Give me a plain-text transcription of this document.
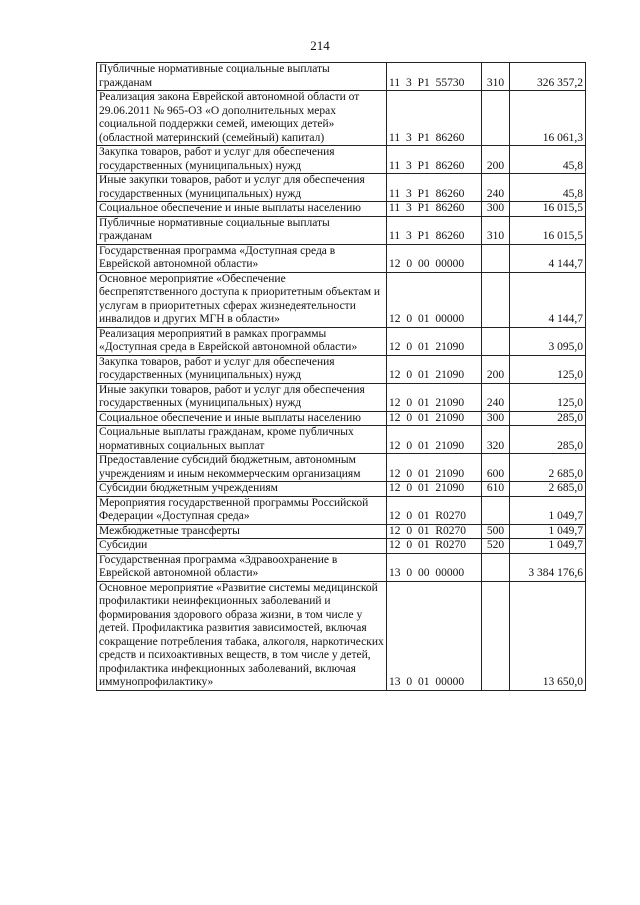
214
Публичные нормативные социальные выплаты гражданам	11 3 Р1 55730	310	326 357,2
Реализация закона Еврейской автономной области от 29.06.2011 № 965-ОЗ «О дополнительных мерах социальной поддержки семей, имеющих детей» (областной материнский (семейный) капитал)	11 3 Р1 86260		16 061,3
Закупка товаров, работ и услуг для обеспечения государственных (муниципальных) нужд	11 3 Р1 86260	200	45,8
Иные закупки товаров, работ и услуг для обеспечения государственных (муниципальных) нужд	11 3 Р1 86260	240	45,8
Социальное обеспечение и иные выплаты населению	11 3 Р1 86260	300	16 015,5
Публичные нормативные социальные выплаты гражданам	11 3 Р1 86260	310	16 015,5
Государственная программа «Доступная среда в Еврейской автономной области»	12 0 00 00000		4 144,7
Основное мероприятие «Обеспечение беспрепятственного доступа к приоритетным объектам и услугам в приоритетных сферах жизнедеятельности инвалидов и других МГН в области»	12 0 01 00000		4 144,7
Реализация мероприятий в рамках программы «Доступная среда в Еврейской автономной области»	12 0 01 21090		3 095,0
Закупка товаров, работ и услуг для обеспечения государственных (муниципальных) нужд	12 0 01 21090	200	125,0
Иные закупки товаров, работ и услуг для обеспечения государственных (муниципальных) нужд	12 0 01 21090	240	125,0
Социальное обеспечение и иные выплаты населению	12 0 01 21090	300	285,0
Социальные выплаты гражданам, кроме публичных нормативных социальных выплат	12 0 01 21090	320	285,0
Предоставление субсидий бюджетным, автономным учреждениям и иным некоммерческим организациям	12 0 01 21090	600	2 685,0
Субсидии бюджетным учреждениям	12 0 01 21090	610	2 685,0
Мероприятия государственной программы Российской Федерации «Доступная среда»	12 0 01 R0270		1 049,7
Межбюджетные трансферты	12 0 01 R0270	500	1 049,7
Субсидии	12 0 01 R0270	520	1 049,7
Государственная программа «Здравоохранение в Еврейской автономной области»	13 0 00 00000		3 384 176,6
Основное мероприятие «Развитие системы медицинской профилактики неинфекционных заболеваний и формирования здорового образа жизни, в том числе у детей. Профилактика развития зависимостей, включая сокращение потребления табака, алкоголя, наркотических средств и психоактивных веществ, в том числе у детей, профилактика инфекционных заболеваний, включая иммунопрофилактику»	13 0 01 00000		13 650,0
